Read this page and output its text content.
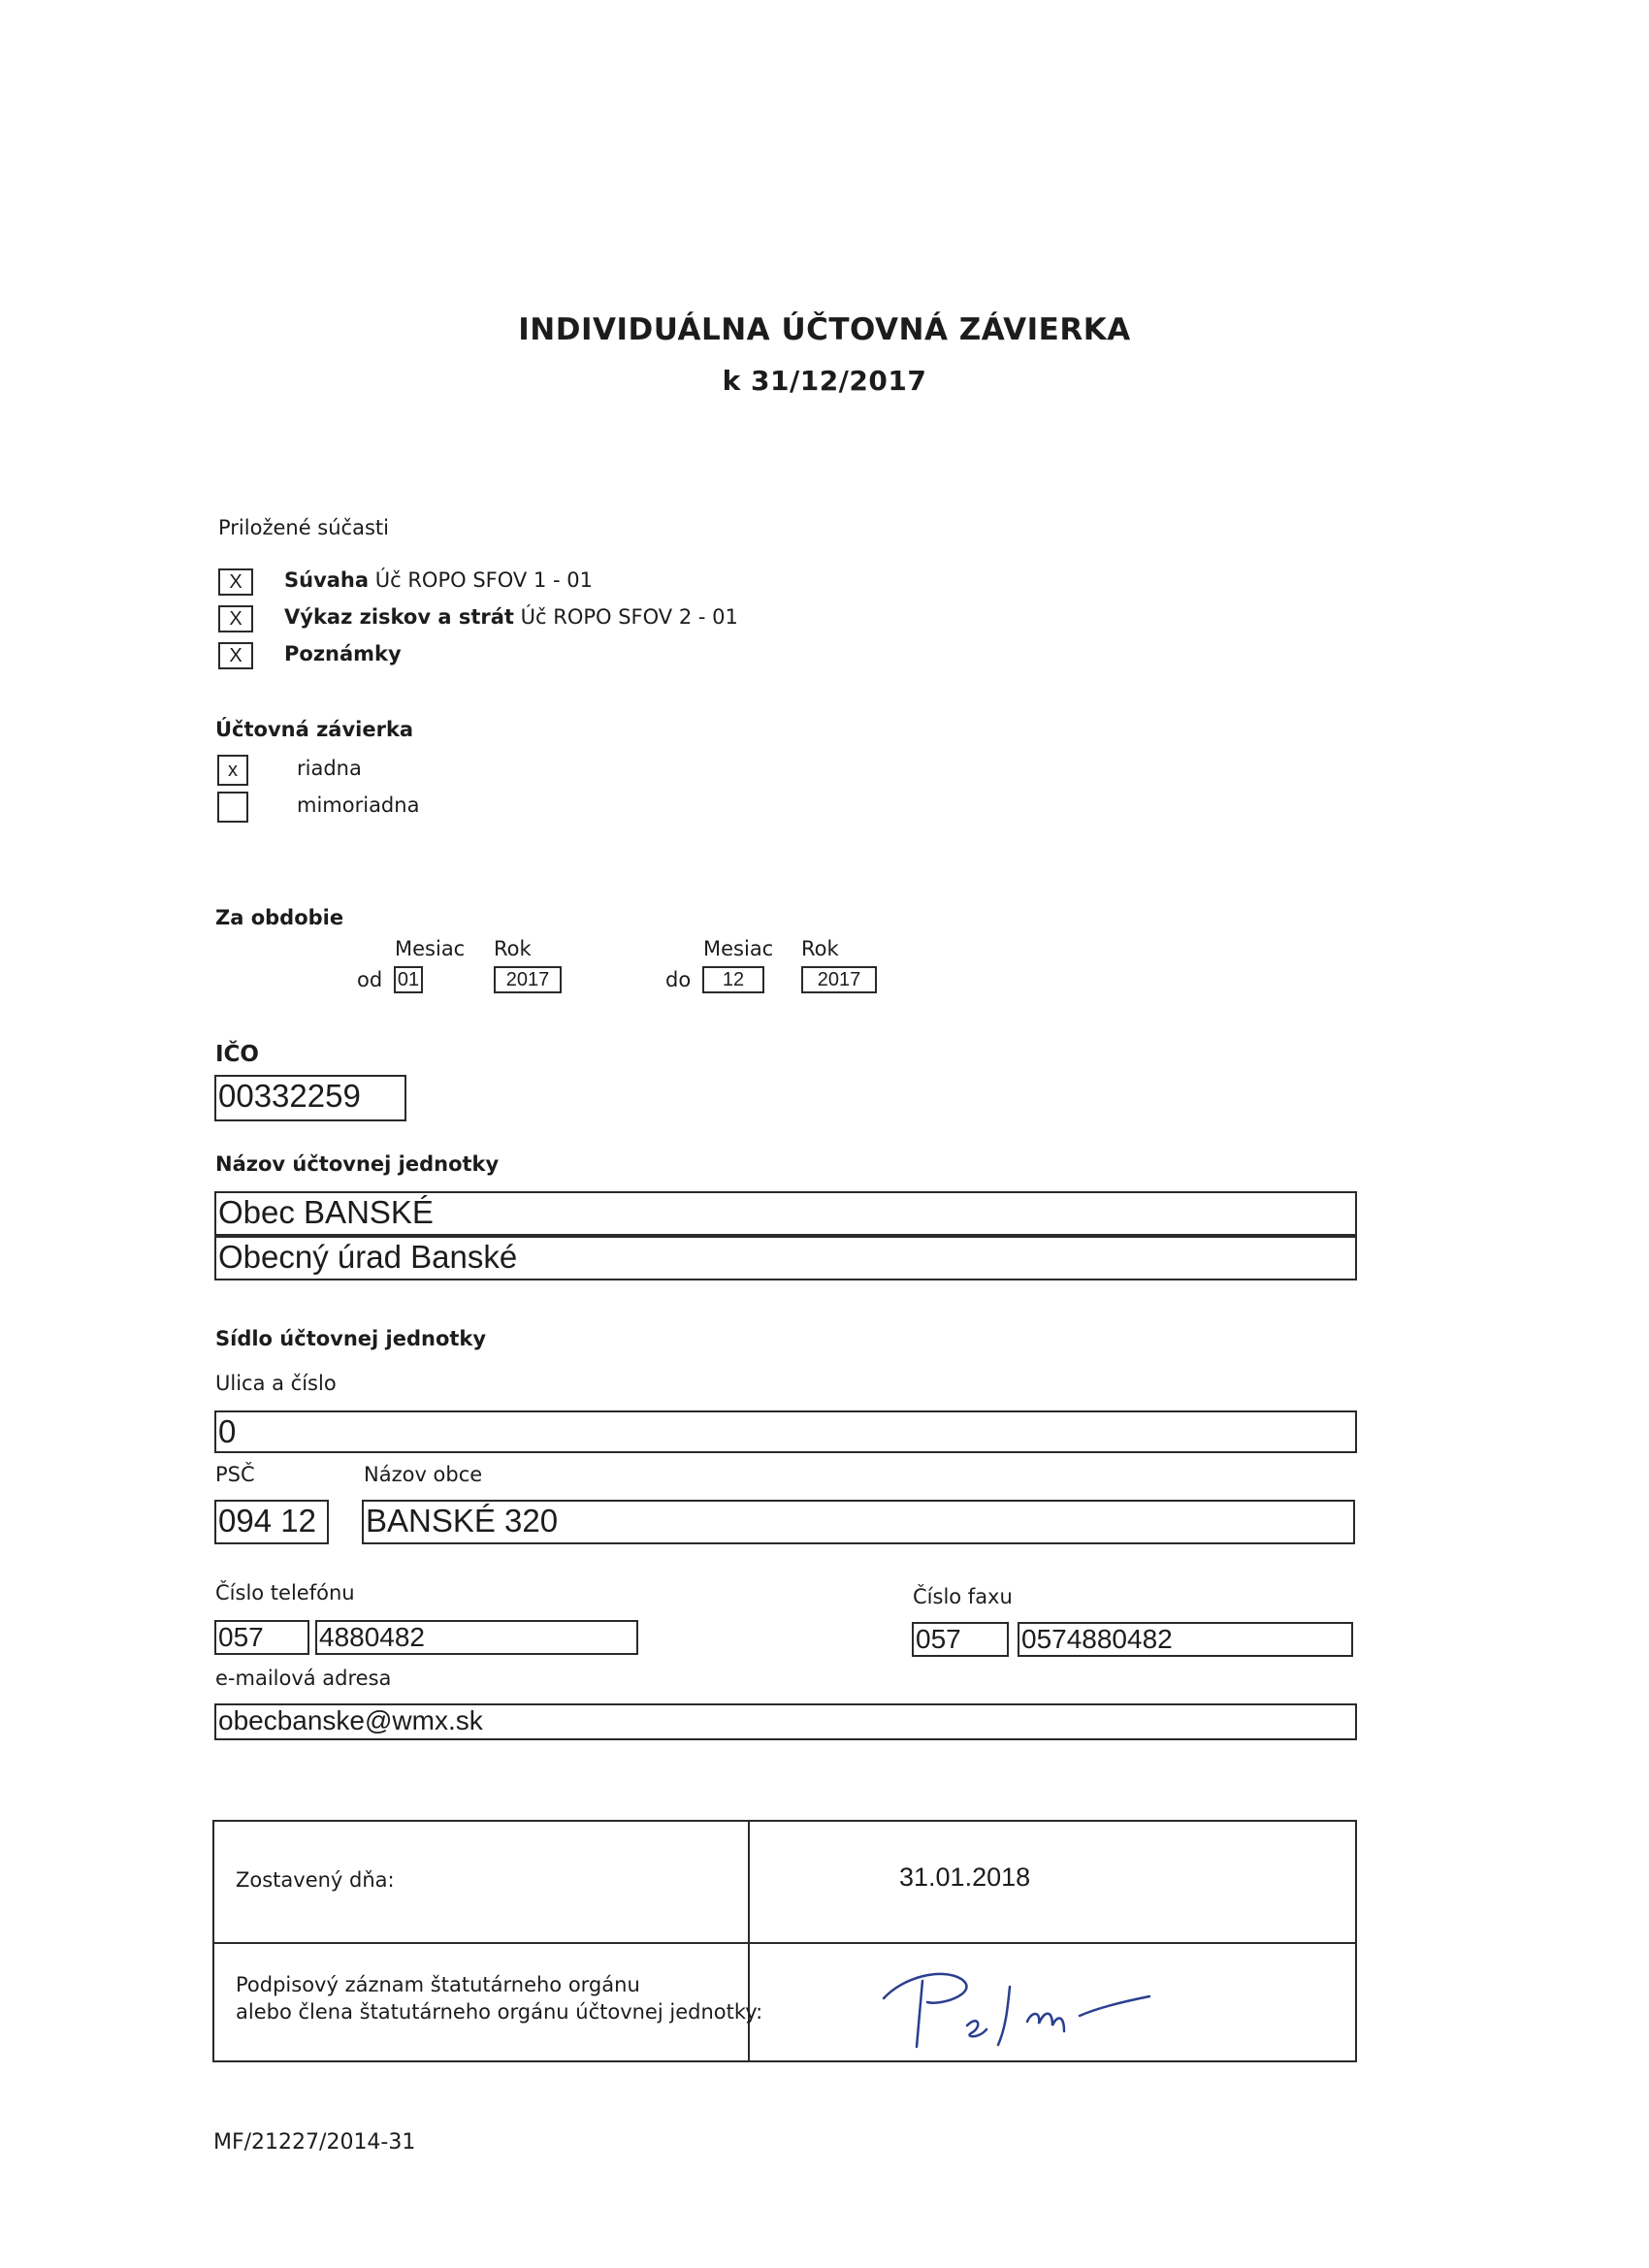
INDIVIDUÁLNA ÚČTOVNÁ ZÁVIERKA
k 31/12/2017
Priložené súčasti
X	Súvaha Úč ROPO SFOV 1 - 01
X	Výkaz ziskov a strát Úč ROPO SFOV 2 - 01
X	Poznámky
Účtovná závierka
x	riadna
mimoriadna
Za obdobie
Mesiac Rok	Mesiac Rok
od 01	2017	do	12	2017
IČO
00332259
Názov účtovnej jednotky
Obec BANSKÉ
Obecný úrad Banské
Sídlo účtovnej jednotky
Ulica a číslo
0
PSČ	Názov obce
094 12	BANSKÉ 320
Číslo telefónu	Číslo faxu
057	4880482	057	0574880482
e-mailová adresa
obecbanske@wmx.sk
Zostavený dňa:	31.01.2018
Podpisový záznam štatutárneho orgánu
alebo člena štatutárneho orgánu účtovnej jednotky:
MF/21227/2014-31
